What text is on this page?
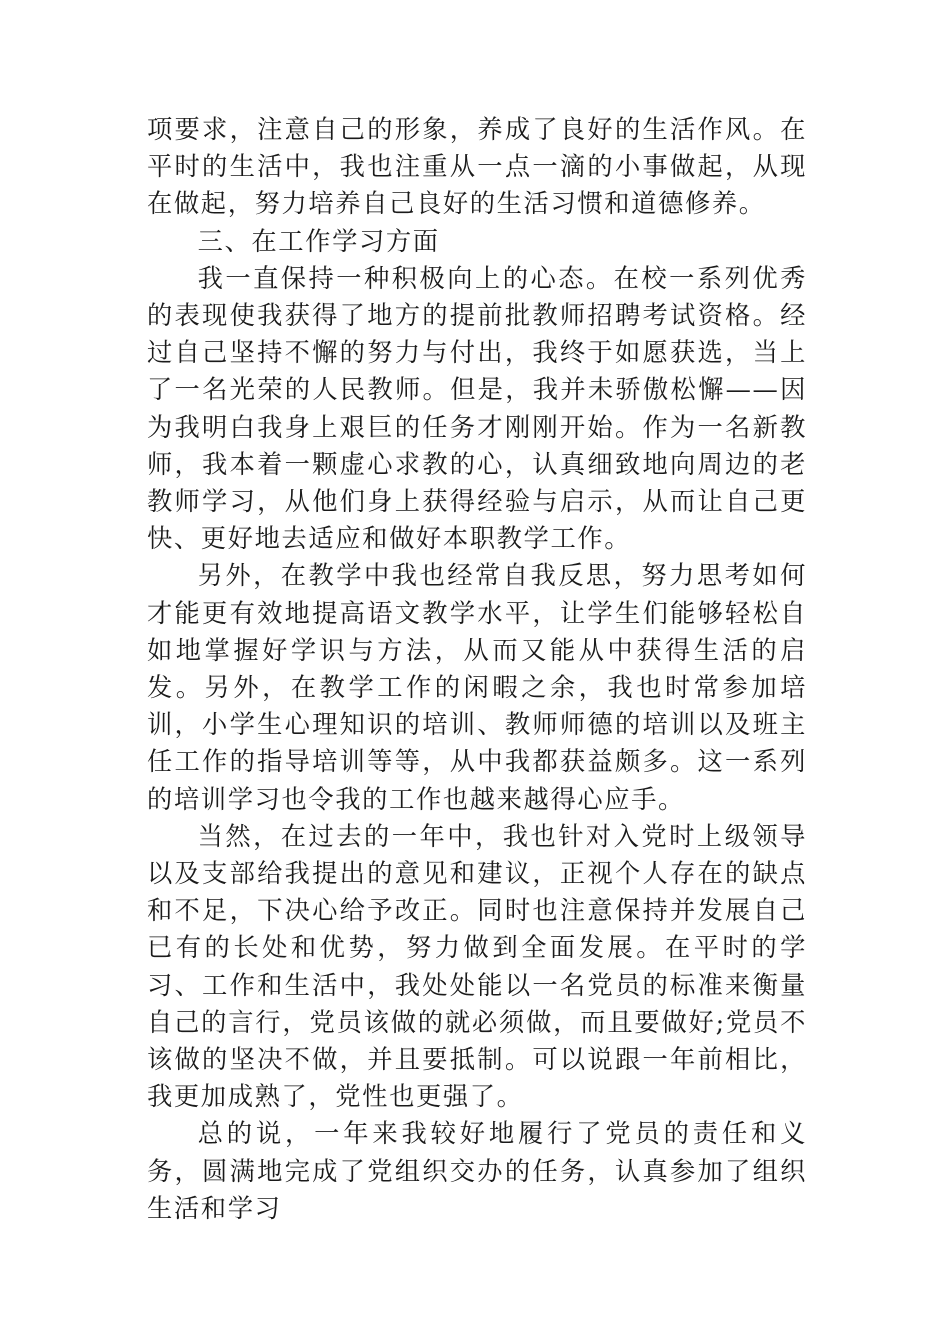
项要求，注意自己的形象，养成了良好的生活作风。在平时的生活中，我也注重从一点一滴的小事做起，从现在做起，努力培养自己良好的生活习惯和道德修养。

三、在工作学习方面

我一直保持一种积极向上的心态。在校一系列优秀的表现使我获得了地方的提前批教师招聘考试资格。经过自己坚持不懈的努力与付出，我终于如愿获选，当上了一名光荣的人民教师。但是，我并未骄傲松懈——因为我明白我身上艰巨的任务才刚刚开始。作为一名新教师，我本着一颗虚心求教的心，认真细致地向周边的老教师学习，从他们身上获得经验与启示，从而让自己更快、更好地去适应和做好本职教学工作。

另外，在教学中我也经常自我反思，努力思考如何才能更有效地提高语文教学水平，让学生们能够轻松自如地掌握好学识与方法，从而又能从中获得生活的启发。另外，在教学工作的闲暇之余，我也时常参加培训，小学生心理知识的培训、教师师德的培训以及班主任工作的指导培训等等，从中我都获益颇多。这一系列的培训学习也令我的工作也越来越得心应手。

当然，在过去的一年中，我也针对入党时上级领导以及支部给我提出的意见和建议，正视个人存在的缺点和不足，下决心给予改正。同时也注意保持并发展自己已有的长处和优势，努力做到全面发展。在平时的学习、工作和生活中，我处处能以一名党员的标准来衡量自己的言行，党员该做的就必须做，而且要做好;党员不该做的坚决不做，并且要抵制。可以说跟一年前相比，我更加成熟了，党性也更强了。

总的说，一年来我较好地履行了党员的责任和义务，圆满地完成了党组织交办的任务，认真参加了组织生活和学习
